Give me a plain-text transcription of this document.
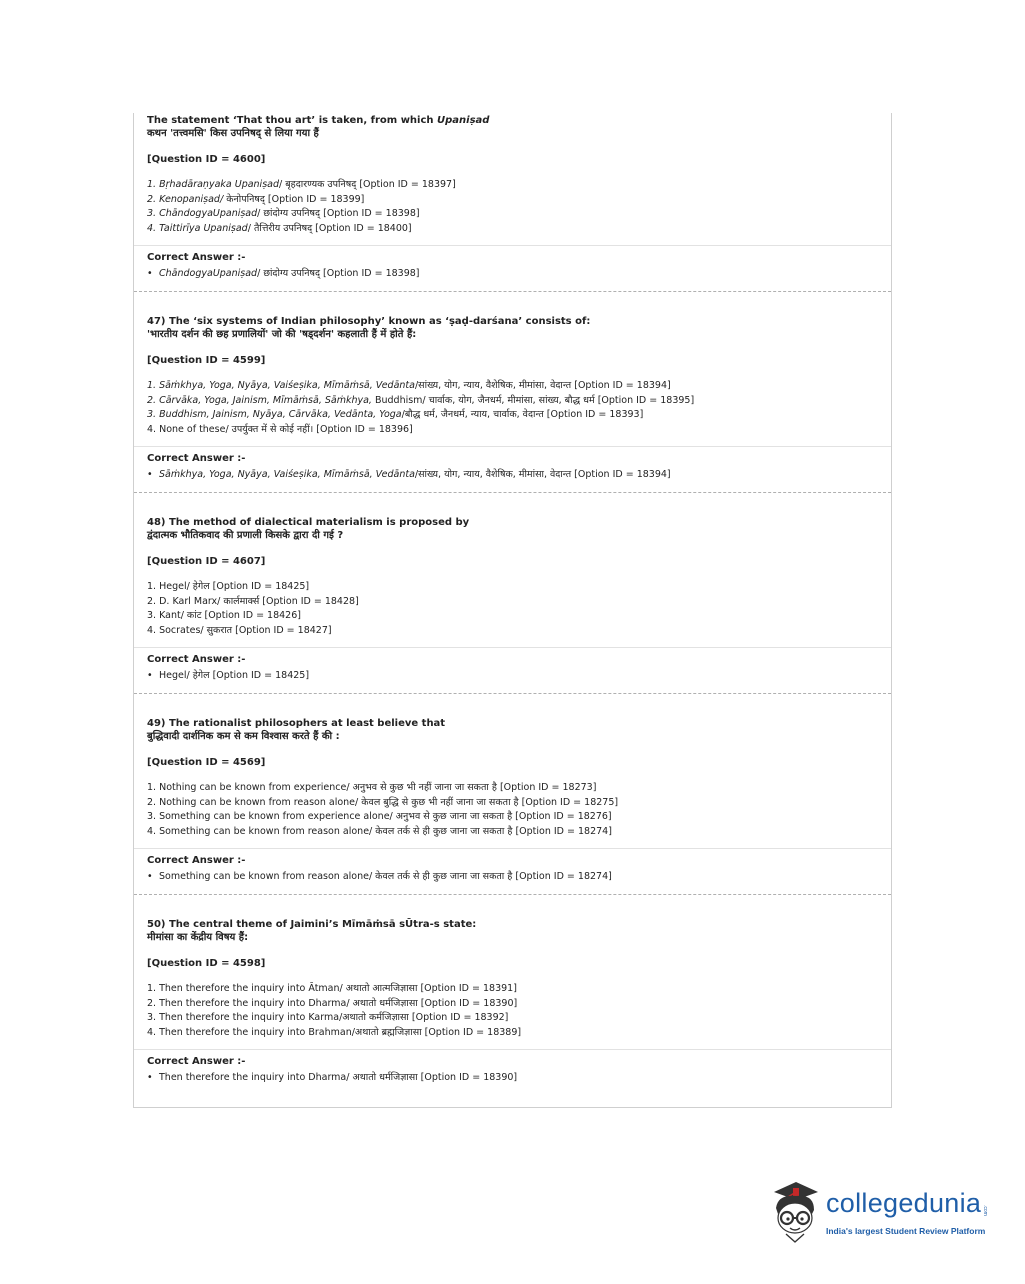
The statement ‘That thou art’ is taken, from which Upaniṣad
कथन 'तत्त्वमसि' किस उपनिषद् से लिया गया हैं
[Question ID = 4600]
1. Bṛhadāraṇyaka Upaniṣad/ बृहदारण्यक उपनिषद् [Option ID = 18397]
2. Kenopaniṣad/ केनोपनिषद् [Option ID = 18399]
3. ChāndogyaUpaniṣad/ छांदोग्य उपनिषद् [Option ID = 18398]
4. Taittirīya Upaniṣad/ तैत्तिरीय उपनिषद् [Option ID = 18400]
Correct Answer :-
• ChāndogyaUpaniṣad/ छांदोग्य उपनिषद् [Option ID = 18398]
47) The ‘six systems of Indian philosophy’ known as ‘ṣaḍ-darśana’ consists of:
'भारतीय दर्शन की छह प्रणालियों' जो की 'षड्दर्शन' कहलाती हैं में होते हैं:
[Question ID = 4599]
1. Sāṁkhya, Yoga, Nyāya, Vaiśeṣika, Mīmāṁsā, Vedānta/सांख्य, योग, न्याय, वैशेषिक, मीमांसा, वेदान्त [Option ID = 18394]
2. Cārvāka, Yoga, Jainism, Mīmāṁsā, Sāṁkhya, Buddhism/ चार्वाक, योग, जैनधर्म, मीमांसा, सांख्य, बौद्ध धर्म [Option ID = 18395]
3. Buddhism, Jainism, Nyāya, Cārvāka, Vedānta, Yoga/बौद्ध धर्म, जैनधर्म, न्याय, चार्वाक, वेदान्त [Option ID = 18393]
4. None of these/ उपर्युक्त में से कोई नहीं। [Option ID = 18396]
Correct Answer :-
• Sāṁkhya, Yoga, Nyāya, Vaiśeṣika, Mīmāṁsā, Vedānta/सांख्य, योग, न्याय, वैशेषिक, मीमांसा, वेदान्त [Option ID = 18394]
48) The method of dialectical materialism is proposed by
द्वंदात्मक भौतिकवाद की प्रणाली किसके द्वारा दी गई ?
[Question ID = 4607]
1. Hegel/ हेगेल [Option ID = 18425]
2. D. Karl Marx/ कार्लमार्क्स [Option ID = 18428]
3. Kant/ कांट [Option ID = 18426]
4. Socrates/ सुकरात [Option ID = 18427]
Correct Answer :-
• Hegel/ हेगेल [Option ID = 18425]
49) The rationalist philosophers at least believe that
बुद्धिवादी दार्शनिक कम से कम विश्वास करते हैं की :
[Question ID = 4569]
1. Nothing can be known from experience/ अनुभव से कुछ भी नहीं जाना जा सकता है [Option ID = 18273]
2. Nothing can be known from reason alone/ केवल बुद्धि से कुछ भी नहीं जाना जा सकता है [Option ID = 18275]
3. Something can be known from experience alone/ अनुभव से कुछ जाना जा सकता है [Option ID = 18276]
4. Something can be known from reason alone/ केवल तर्क से ही कुछ जाना जा सकता है [Option ID = 18274]
Correct Answer :-
• Something can be known from reason alone/ केवल तर्क से ही कुछ जाना जा सकता है [Option ID = 18274]
50) The central theme of Jaimini’s Mīmāṁsā sŪtra-s state:
मीमांसा का केंद्रीय विषय हैं:
[Question ID = 4598]
1. Then therefore the inquiry into Ātman/ अथातो आत्मजिज्ञासा [Option ID = 18391]
2. Then therefore the inquiry into Dharma/ अथातो धर्मजिज्ञासा [Option ID = 18390]
3. Then therefore the inquiry into Karma/अथातो कर्मजिज्ञासा [Option ID = 18392]
4. Then therefore the inquiry into Brahman/अथातो ब्रह्मजिज्ञासा [Option ID = 18389]
Correct Answer :-
• Then therefore the inquiry into Dharma/ अथातो धर्मजिज्ञासा [Option ID = 18390]
collegedunia .com
India's largest Student Review Platform
